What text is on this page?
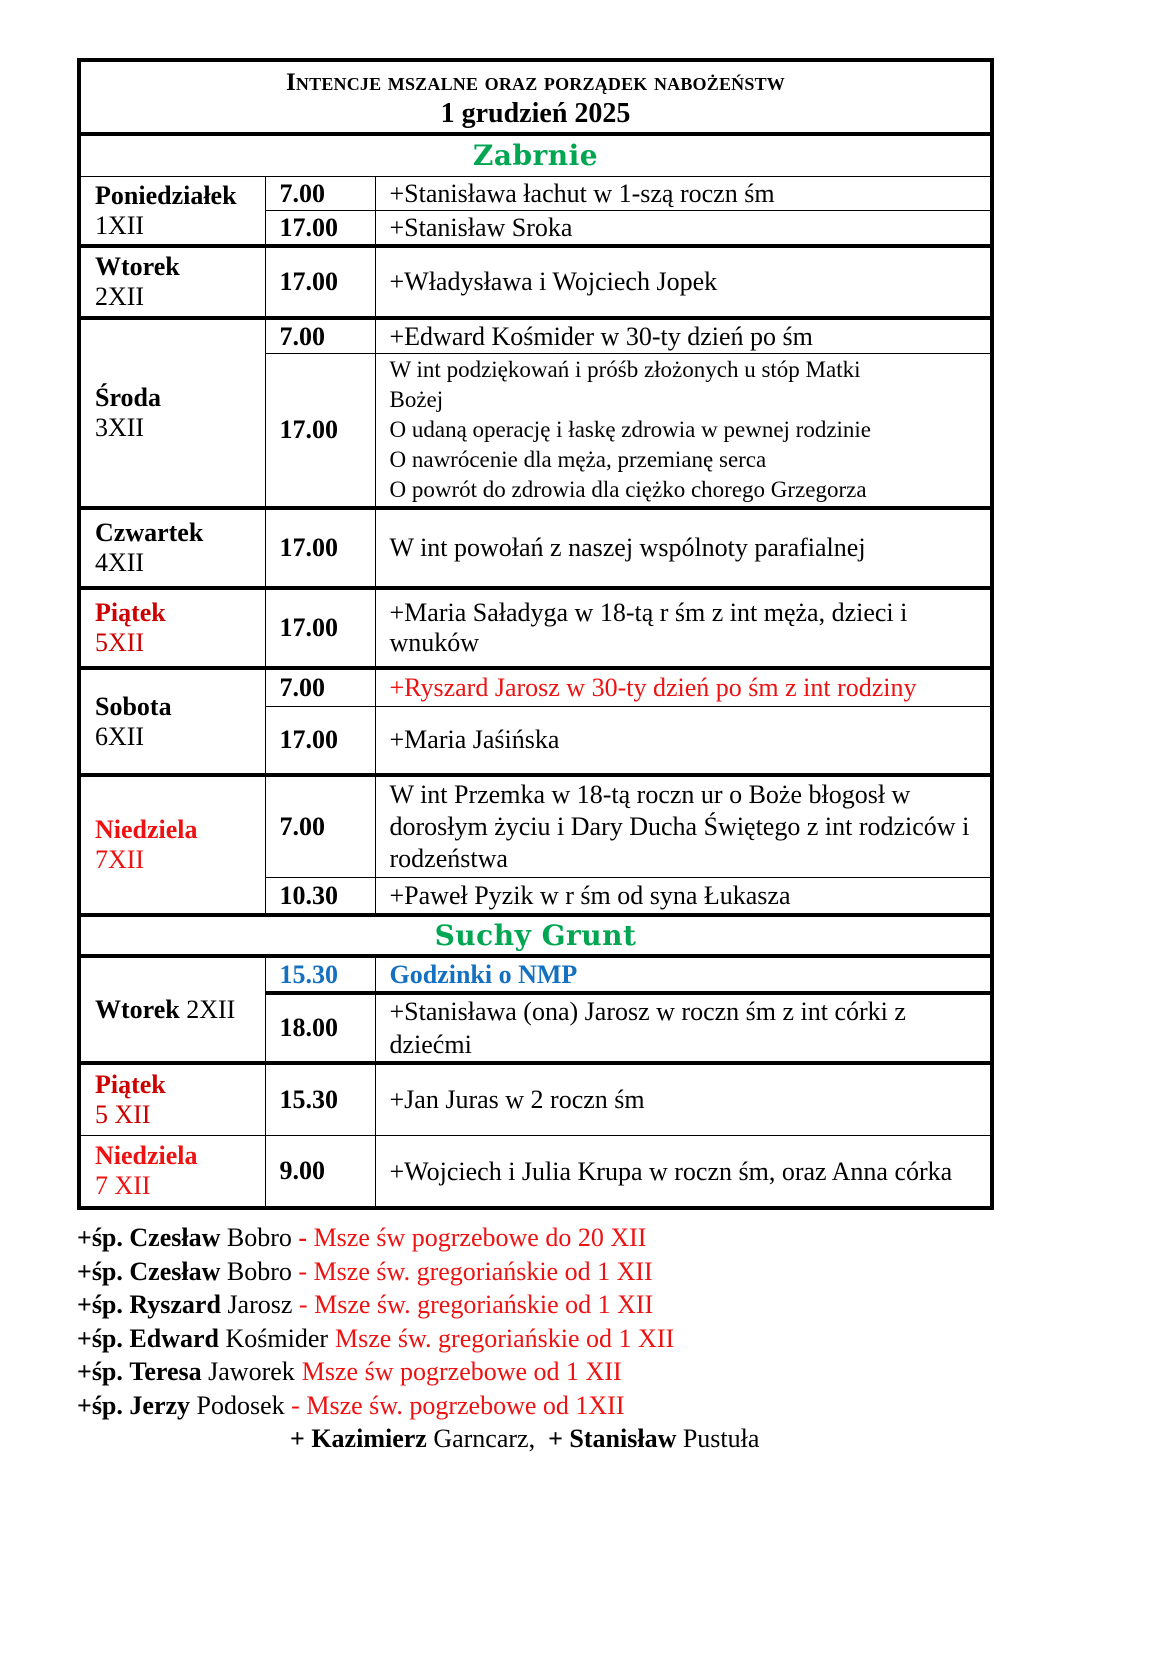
Intencje mszalne oraz porządek nabożeństw
1 grudzień 2025		

Zabrnie		

Poniedziałek
1XII	7.00	+Stanisława łachut w 1-szą roczn śm
	17.00	+Stanisław Sroka

Wtorek
2XII	17.00	+Władysława i Wojciech Jopek

Środa
3XII	7.00	+Edward Kośmider w 30-ty dzień po śm
	17.00	W int podziękowań i próśb złożonych u stóp Matki
Bożej
O udaną operację i łaskę zdrowia w pewnej rodzinie
O nawrócenie dla męża, przemianę serca
O powrót do zdrowia dla ciężko chorego Grzegorza

Czwartek
4XII	17.00	W int powołań z naszej wspólnoty parafialnej

Piątek
5XII	17.00	+Maria Saładyga w 18-tą r śm z int męża, dzieci i wnuków

Sobota
6XII	7.00	+Ryszard Jarosz w 30-ty dzień po śm z int rodziny
	17.00	+Maria Jaśińska

Niedziela
7XII	7.00	W int Przemka w 18-tą roczn ur o Boże błogosł w dorosłym życiu i Dary Ducha Świętego z int rodziców i rodzeństwa
	10.30	+Paweł Pyzik w r śm od syna Łukasza
Suchy Grunt		
Wtorek 2XII	15.30	Godzinki o NMP
	18.00	+Stanisława (ona) Jarosz w roczn śm z int córki z dziećmi

Piątek
5 XII	15.30	+Jan Juras w 2 roczn śm

Niedziela
7 XII	9.00	+Wojciech i Julia Krupa w roczn śm, oraz Anna córka
+śp. Czesław Bobro - Msze św pogrzebowe do 20 XII
+śp. Czesław Bobro - Msze św. gregoriańskie od 1 XII
+śp. Ryszard Jarosz - Msze św. gregoriańskie od 1 XII
+śp. Edward Kośmider Msze św. gregoriańskie od 1 XII
+śp. Teresa Jaworek Msze św pogrzebowe od 1 XII
+śp. Jerzy Podosek - Msze św. pogrzebowe od 1XII
+ Kazimierz Garncarz, + Stanisław Pustuła
